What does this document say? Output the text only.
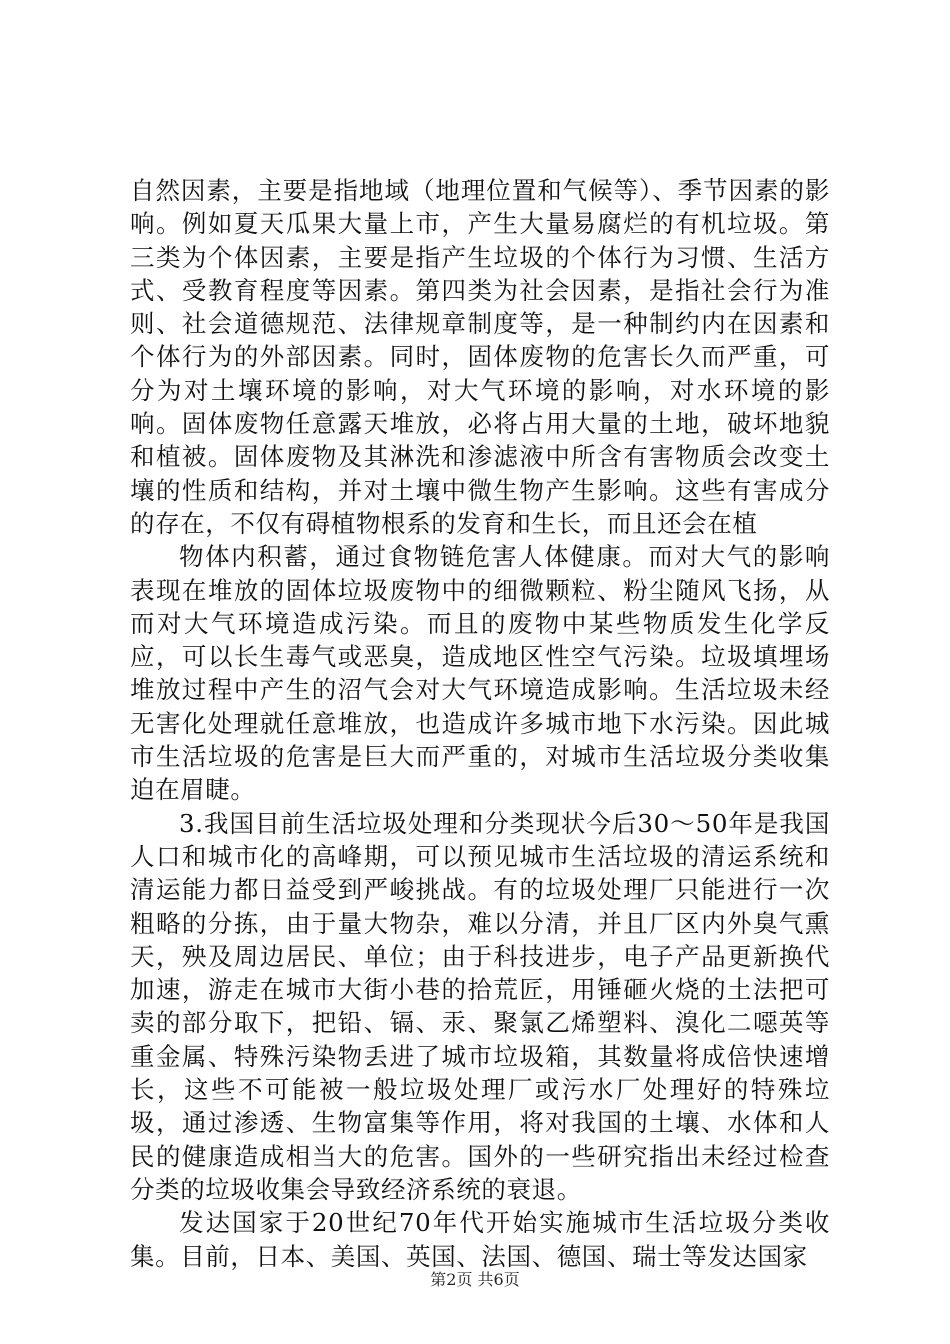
自然因素，主要是指地域（地理位置和气候等）、季节因素的影响。例如夏天瓜果大量上市，产生大量易腐烂的有机垃圾。第三类为个体因素，主要是指产生垃圾的个体行为习惯、生活方式、受教育程度等因素。第四类为社会因素，是指社会行为准则、社会道德规范、法律规章制度等，是一种制约内在因素和个体行为的外部因素。同时，固体废物的危害长久而严重，可分为对土壤环境的影响，对大气环境的影响，对水环境的影响。固体废物任意露天堆放，必将占用大量的土地，破坏地貌和植被。固体废物及其淋洗和渗滤液中所含有害物质会改变土壤的性质和结构，并对土壤中微生物产生影响。这些有害成分的存在，不仅有碍植物根系的发育和生长，而且还会在植

物体内积蓄，通过食物链危害人体健康。而对大气的影响表现在堆放的固体垃圾废物中的细微颗粒、粉尘随风飞扬，从而对大气环境造成污染。而且的废物中某些物质发生化学反应，可以长生毒气或恶臭，造成地区性空气污染。垃圾填埋场堆放过程中产生的沼气会对大气环境造成影响。生活垃圾未经无害化处理就任意堆放，也造成许多城市地下水污染。因此城市生活垃圾的危害是巨大而严重的，对城市生活垃圾分类收集迫在眉睫。

3.我国目前生活垃圾处理和分类现状今后30～50年是我国人口和城市化的高峰期，可以预见城市生活垃圾的清运系统和清运能力都日益受到严峻挑战。有的垃圾处理厂只能进行一次粗略的分拣，由于量大物杂，难以分清，并且厂区内外臭气熏天，殃及周边居民、单位；由于科技进步，电子产品更新换代加速，游走在城市大街小巷的拾荒匠，用锤砸火烧的土法把可卖的部分取下，把铅、镉、汞、聚氯乙烯塑料、溴化二噁英等重金属、特殊污染物丢进了城市垃圾箱，其数量将成倍快速增长，这些不可能被一般垃圾处理厂或污水厂处理好的特殊垃圾，通过渗透、生物富集等作用，将对我国的土壤、水体和人民的健康造成相当大的危害。国外的一些研究指出未经过检查分类的垃圾收集会导致经济系统的衰退。

发达国家于20世纪70年代开始实施城市生活垃圾分类收集。目前，日本、美国、英国、法国、德国、瑞士等发达国家

第2页 共6页
